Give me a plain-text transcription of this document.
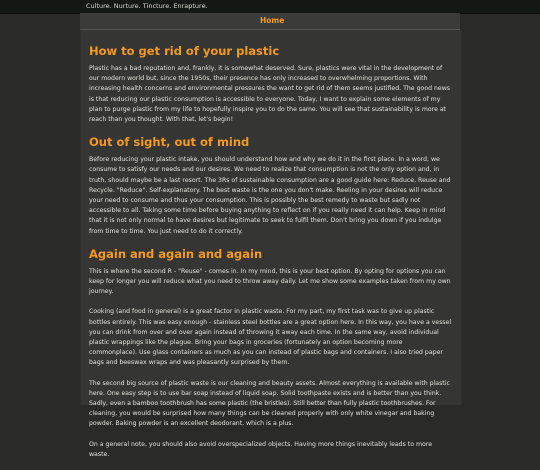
Culture. Nurture. Tincture. Enrapture.
Home
How to get rid of your plastic

Plastic has a bad reputation and, frankly, it is somewhat deserved. Sure, plastics were vital in the development of our modern world but, since the 1950s, their presence has only increased to overwhelming proportions. With increasing health concerns and environmental pressures the want to get rid of them seems justified. The good news is that reducing our plastic consumption is accessible to everyone. Today, I want to explain some elements of my plan to purge plastic from my life to hopefully inspire you to do the same. You will see that sustainability is more at reach than you thought. With that, let's begin!

Out of sight, out of mind

Before reducing your plastic intake, you should understand how and why we do it in the first place. In a word, we consume to satisfy our needs and our desires. We need to realize that consumption is not the only option and, in truth, should maybe be a last resort. The 3Rs of sustainable consumption are a good guide here: Reduce, Reuse and Recycle. "Reduce". Self-explanatory. The best waste is the one you don't make. Reeling in your desires will reduce your need to consume and thus your consumption. This is possibly the best remedy to waste but sadly not accessible to all. Taking some time before buying anything to reflect on if you really need it can help. Keep in mind that it is not only normal to have desires but legitimate to seek to fulfil them. Don't bring you down if you indulge from time to time. You just need to do it correctly.

Again and again and again

This is where the second R - "Reuse" - comes in. In my mind, this is your best option. By opting for options you can keep for longer you will reduce what you need to throw away daily. Let me show some examples taken from my own journey.

Cooking (and food in general) is a great factor in plastic waste. For my part, my first task was to give up plastic bottles entirely. This was easy enough - stainless steel bottles are a great option here. In this way, you have a vessel you can drink from over and over again instead of throwing it away each time. In the same way, avoid individual plastic wrappings like the plague. Bring your bags in groceries (fortunately an option becoming more commonplace). Use glass containers as much as you can instead of plastic bags and containers. I also tried paper bags and beeswax wraps and was pleasantly surprised by them.

The second big source of plastic waste is our cleaning and beauty assets. Almost everything is available with plastic here. One easy step is to use bar soap instead of liquid soap. Solid toothpaste exists and is better than you think. Sadly, even a bamboo toothbrush has some plastic (the bristles). Still better than fully plastic toothbrushes. For cleaning, you would be surprised how many things can be cleaned properly with only white vinegar and baking powder. Baking powder is an excellent deodorant, which is a plus.

On a general note, you should also avoid overspecialized objects. Having more things inevitably leads to more waste.
